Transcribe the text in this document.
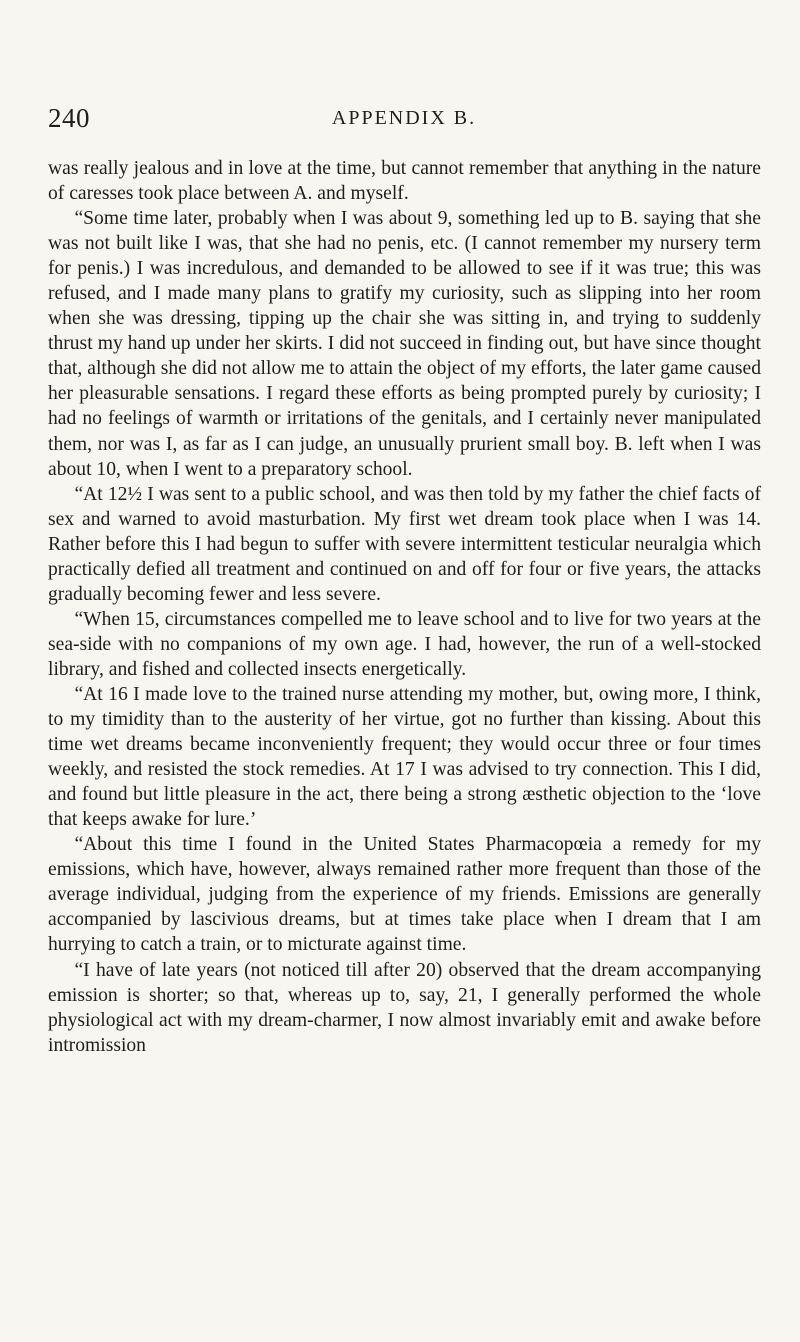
240	APPENDIX B.

was really jealous and in love at the time, but cannot remember that anything in the nature of caresses took place between A. and myself.

“Some time later, probably when I was about 9, something led up to B. saying that she was not built like I was, that she had no penis, etc. (I cannot remember my nursery term for penis.) I was incredulous, and demanded to be allowed to see if it was true; this was refused, and I made many plans to gratify my curiosity, such as slipping into her room when she was dressing, tipping up the chair she was sitting in, and trying to suddenly thrust my hand up under her skirts. I did not succeed in finding out, but have since thought that, although she did not allow me to attain the object of my efforts, the later game caused her pleasurable sensations. I regard these efforts as being prompted purely by curiosity; I had no feelings of warmth or irritations of the genitals, and I certainly never manipulated them, nor was I, as far as I can judge, an unusually prurient small boy. B. left when I was about 10, when I went to a preparatory school.

“At 12½ I was sent to a public school, and was then told by my father the chief facts of sex and warned to avoid masturbation. My first wet dream took place when I was 14. Rather before this I had begun to suffer with severe intermittent testicular neuralgia which practically defied all treatment and continued on and off for four or five years, the attacks gradually becoming fewer and less severe.

“When 15, circumstances compelled me to leave school and to live for two years at the sea-side with no companions of my own age. I had, however, the run of a well-stocked library, and fished and collected insects energetically.

“At 16 I made love to the trained nurse attending my mother, but, owing more, I think, to my timidity than to the austerity of her virtue, got no further than kissing. About this time wet dreams became inconveniently frequent; they would occur three or four times weekly, and resisted the stock remedies. At 17 I was advised to try connection. This I did, and found but little pleasure in the act, there being a strong æsthetic objection to the ‘love that keeps awake for lure.’

“About this time I found in the United States Pharmacopœia a remedy for my emissions, which have, however, always remained rather more frequent than those of the average individual, judging from the experience of my friends. Emissions are generally accompanied by lascivious dreams, but at times take place when I dream that I am hurrying to catch a train, or to micturate against time.

“I have of late years (not noticed till after 20) observed that the dream accompanying emission is shorter; so that, whereas up to, say, 21, I generally performed the whole physiological act with my dream-charmer, I now almost invariably emit and awake before intromission
